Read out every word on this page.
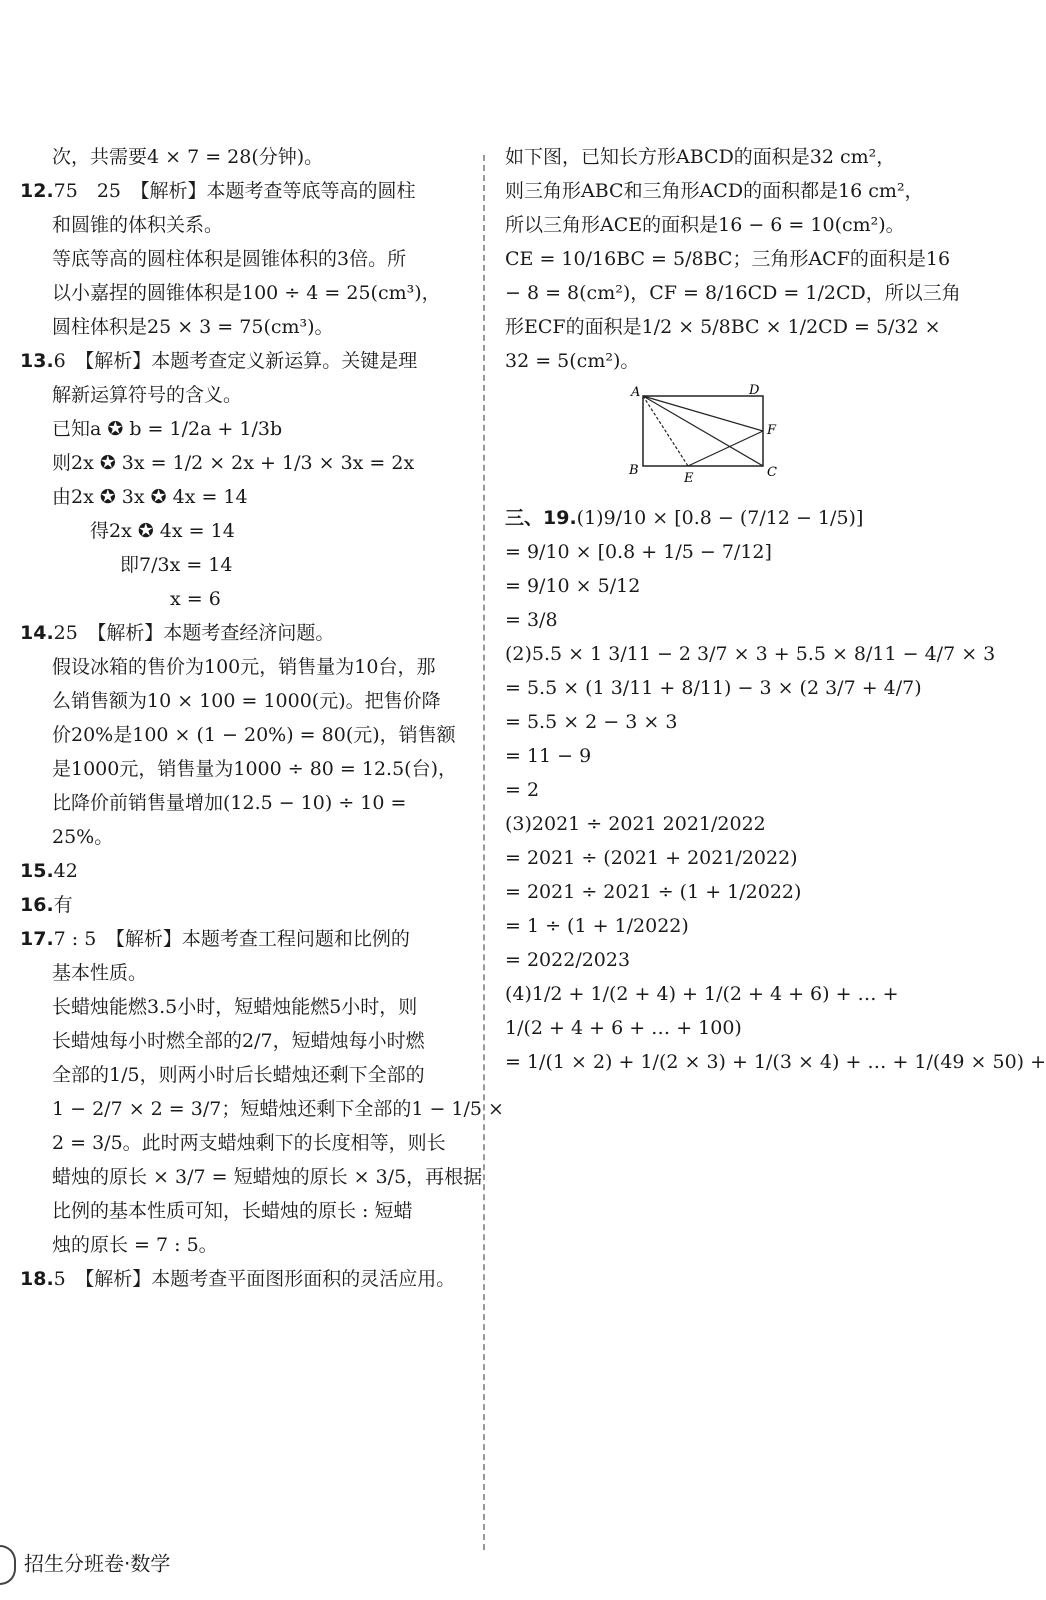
次，共需要4 × 7 = 28(分钟)。
12.75　25　【解析】本题考查等底等高的圆柱
和圆锥的体积关系。
等底等高的圆柱体积是圆锥体积的3倍。所
以小嘉捏的圆锥体积是100 ÷ 4 = 25(cm³)，
圆柱体积是25 × 3 = 75(cm³)。
13.6　【解析】本题考查定义新运算。关键是理
解新运算符号的含义。
已知a ✪ b = 1/2a + 1/3b
则2x ✪ 3x = 1/2 × 2x + 1/3 × 3x = 2x
由2x ✪ 3x ✪ 4x = 14
得2x ✪ 4x = 14
即7/3x = 14
x = 6
14.25　【解析】本题考查经济问题。
假设冰箱的售价为100元，销售量为10台，那
么销售额为10 × 100 = 1000(元)。把售价降
价20%是100 × (1 − 20%) = 80(元)，销售额
是1000元，销售量为1000 ÷ 80 = 12.5(台)，
比降价前销售量增加(12.5 − 10) ÷ 10 =
25%。
15.42
16.有
17.7 : 5　【解析】本题考查工程问题和比例的
基本性质。
长蜡烛能燃3.5小时，短蜡烛能燃5小时，则
长蜡烛每小时燃全部的2/7，短蜡烛每小时燃
全部的1/5，则两小时后长蜡烛还剩下全部的
1 − 2/7 × 2 = 3/7；短蜡烛还剩下全部的1 − 1/5 ×
2 = 3/5。此时两支蜡烛剩下的长度相等，则长
蜡烛的原长 × 3/7 = 短蜡烛的原长 × 3/5，再根据
比例的基本性质可知，长蜡烛的原长 : 短蜡
烛的原长 = 7 : 5。
18.5　【解析】本题考查平面图形面积的灵活应用。
如下图，已知长方形ABCD的面积是32 cm²，
则三角形ABC和三角形ACD的面积都是16 cm²，
所以三角形ACE的面积是16 − 6 = 10(cm²)。
CE = 10/16BC = 5/8BC；三角形ACF的面积是16
− 8 = 8(cm²)，CF = 8/16CD = 1/2CD，所以三角
形ECF的面积是1/2 × 5/8BC × 1/2CD = 5/32 ×
32 = 5(cm²)。
A	D
B	C
E
F
三、19.(1)9/10 × [0.8 − (7/12 − 1/5)]
= 9/10 × [0.8 + 1/5 − 7/12]
= 9/10 × 5/12
= 3/8
(2)5.5 × 1 3/11 − 2 3/7 × 3 + 5.5 × 8/11 − 4/7 × 3
= 5.5 × (1 3/11 + 8/11) − 3 × (2 3/7 + 4/7)
= 5.5 × 2 − 3 × 3
= 11 − 9
= 2
(3)2021 ÷ 2021 2021/2022
= 2021 ÷ (2021 + 2021/2022)
= 2021 ÷ 2021 ÷ (1 + 1/2022)
= 1 ÷ (1 + 1/2022)
= 2022/2023
(4)1/2 + 1/(2 + 4) + 1/(2 + 4 + 6) + … +
1/(2 + 4 + 6 + … + 100)
= 1/(1 × 2) + 1/(2 × 3) + 1/(3 × 4) + … + 1/(49 × 50) +
招生分班卷·数学
